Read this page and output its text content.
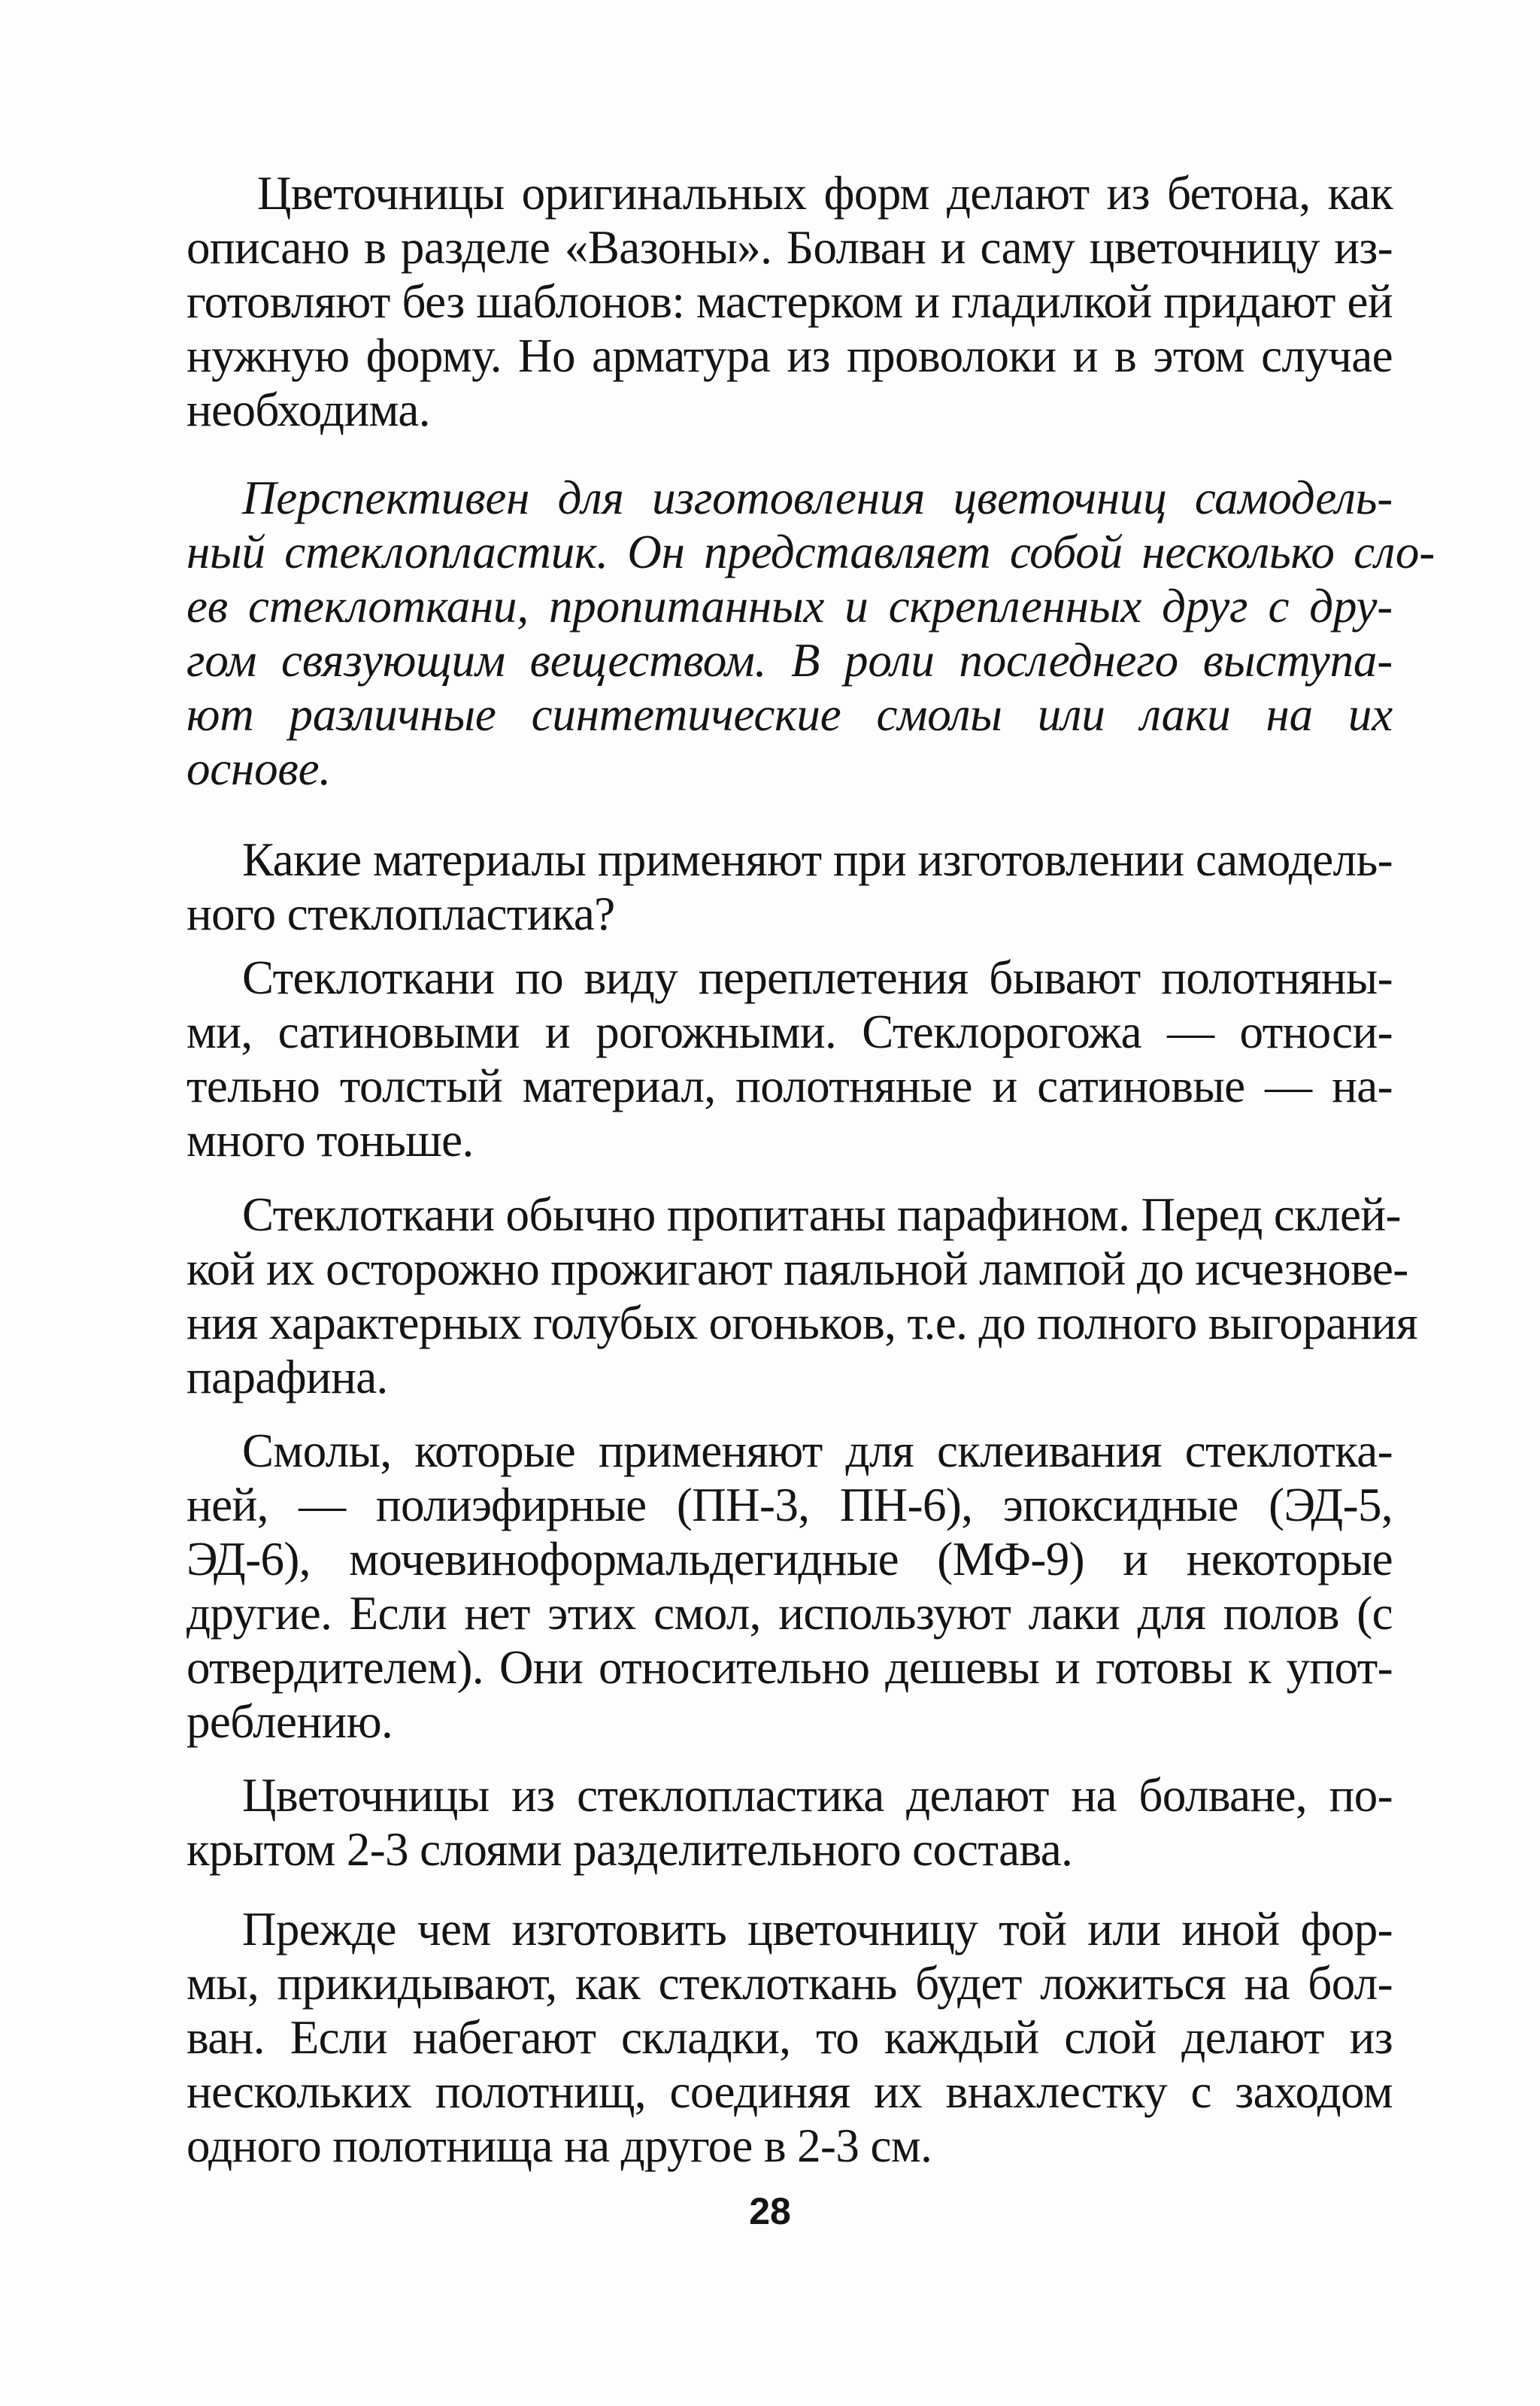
Цветочницы оригинальных форм делают из бетона, как
описано в разделе «Вазоны». Болван и саму цветочницу из-
готовляют без шаблонов: мастерком и гладилкой придают ей
нужную форму. Но арматура из проволоки и в этом случае
необходима.
Перспективен для изготовления цветочниц самодель-
ный стеклопластик. Он представляет собой несколько сло-
ев стеклоткани, пропитанных и скрепленных друг с дру-
гом связующим веществом. В роли последнего выступа-
ют различные синтетические смолы или лаки на их
основе.
Какие материалы применяют при изготовлении самодель-
ного стеклопластика?
Стеклоткани по виду переплетения бывают полотняны-
ми, сатиновыми и рогожными. Стеклорогожа — относи-
тельно толстый материал, полотняные и сатиновые — на-
много тоньше.
Стеклоткани обычно пропитаны парафином. Перед склей-
кой их осторожно прожигают паяльной лампой до исчезнове-
ния характерных голубых огоньков, т.е. до полного выгорания
парафина.
Смолы, которые применяют для склеивания стеклотка-
ней, — полиэфирные (ПН-3, ПН-6), эпоксидные (ЭД-5,
ЭД-6), мочевиноформальдегидные (МФ-9) и некоторые
другие. Если нет этих смол, используют лаки для полов (с
отвердителем). Они относительно дешевы и готовы к упот-
реблению.
Цветочницы из стеклопластика делают на болване, по-
крытом 2-3 слоями разделительного состава.
Прежде чем изготовить цветочницу той или иной фор-
мы, прикидывают, как стеклоткань будет ложиться на бол-
ван. Если набегают складки, то каждый слой делают из
нескольких полотнищ, соединяя их внахлестку с заходом
одного полотнища на другое в 2-3 см.
28
